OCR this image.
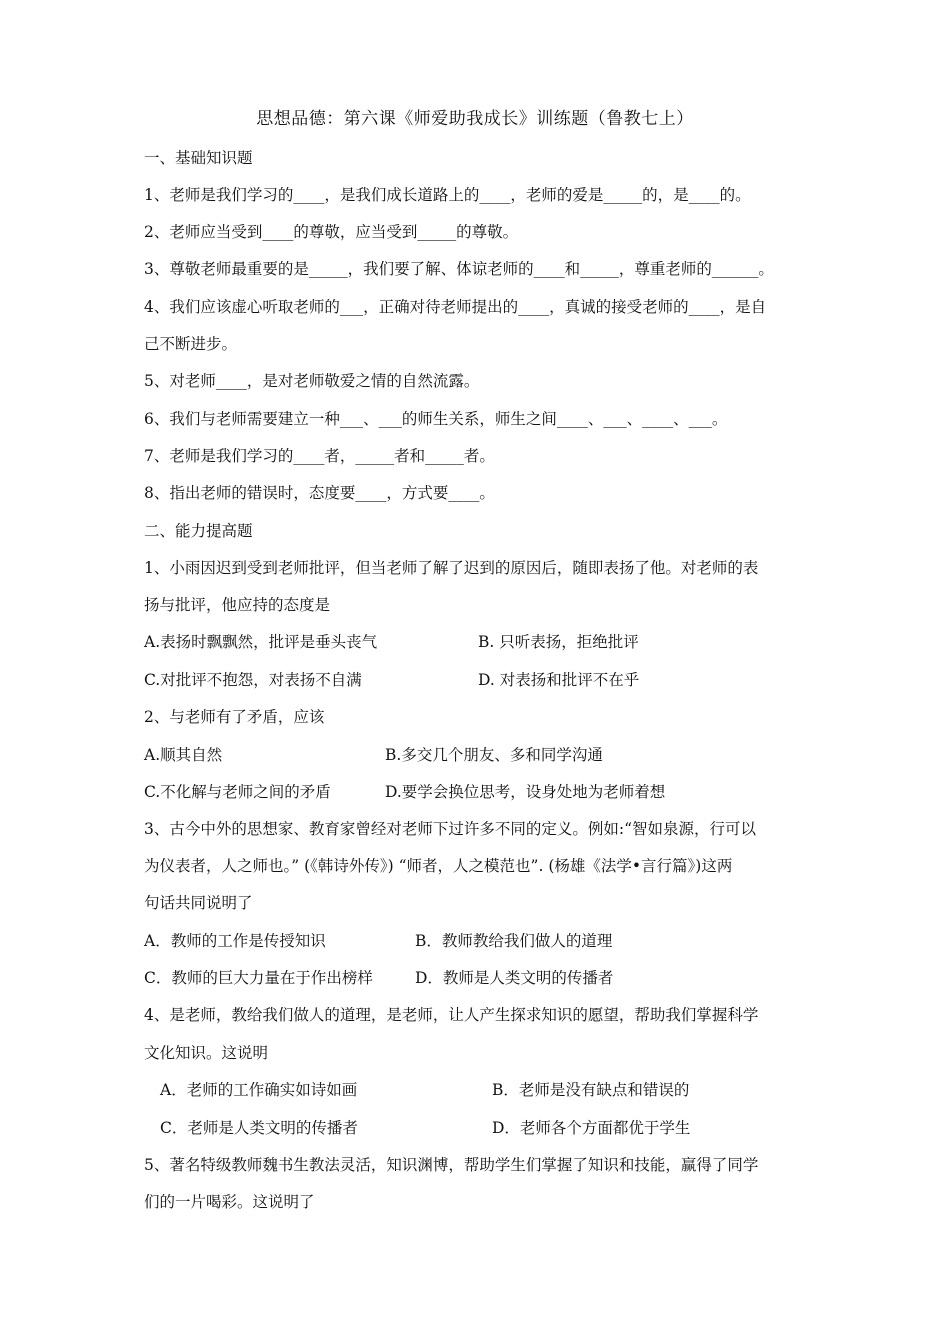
思想品德：第六课《师爱助我成长》训练题（鲁教七上）
一、基础知识题
1、老师是我们学习的____，是我们成长道路上的____，老师的爱是_____的，是____的。
2、老师应当受到____的尊敬，应当受到_____的尊敬。
3、尊敬老师最重要的是_____，我们要了解、体谅老师的____和_____，尊重老师的______。
4、我们应该虚心听取老师的___，正确对待老师提出的____，真诚的接受老师的____，是自
己不断进步。
5、对老师____，是对老师敬爱之情的自然流露。
6、我们与老师需要建立一种___、___的师生关系，师生之间____、___、____、___。
7、老师是我们学习的____者，_____者和_____者。
8、指出老师的错误时，态度要____，方式要____。
二、能力提高题
1、小雨因迟到受到老师批评，但当老师了解了迟到的原因后，随即表扬了他。对老师的表
扬与批评，他应持的态度是
A.表扬时飘飘然，批评是垂头丧气	B. 只听表扬，拒绝批评
C.对批评不抱怨，对表扬不自满	D. 对表扬和批评不在乎
2、与老师有了矛盾，应该
A.顺其自然	B.多交几个朋友、多和同学沟通
C.不化解与老师之间的矛盾	D.要学会换位思考，设身处地为老师着想
3、古今中外的思想家、教育家曾经对老师下过许多不同的定义。例如:“智如泉源，行可以
为仪表者，人之师也。” (《韩诗外传》) “师者，人之模范也”. (杨雄《法学•言行篇》)这两
句话共同说明了
A．教师的工作是传授知识	B．教师教给我们做人的道理
C．教师的巨大力量在于作出榜样	D．教师是人类文明的传播者
4、是老师，教给我们做人的道理，是老师，让人产生探求知识的愿望，帮助我们掌握科学
文化知识。这说明
A．老师的工作确实如诗如画	B．老师是没有缺点和错误的
C．老师是人类文明的传播者	D．老师各个方面都优于学生
5、著名特级教师魏书生教法灵活，知识渊博，帮助学生们掌握了知识和技能，赢得了同学
们的一片喝彩。这说明了
